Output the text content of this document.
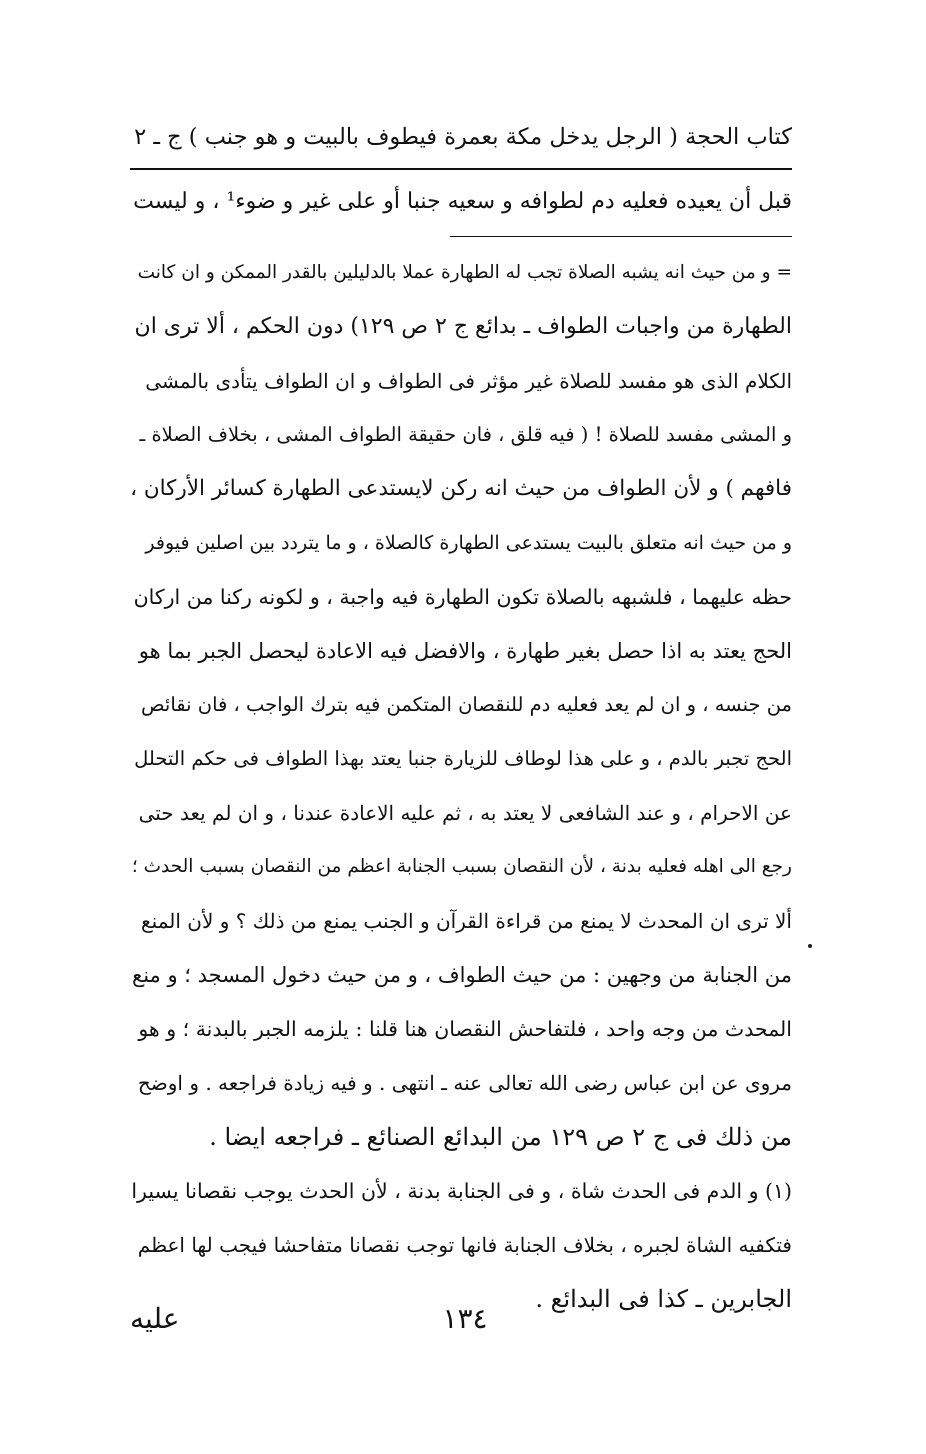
كتاب الحجة ( الرجل يدخل مكة بعمرة فيطوف بالبيت و هو جنب ) ج ـ ٢
قبل أن يعيده فعليه دم لطوافه و سعيه جنبا أو على غير و ضوء¹ ، و ليست
= و من حيث انه يشبه الصلاة تجب له الطهارة عملا بالدليلين بالقدر الممكن و ان كانت
الطهارة من واجبات الطواف ـ بدائع ج ٢ ص ١٢٩) دون الحكم ، ألا ترى ان
الكلام الذى هو مفسد للصلاة غير مؤثر فى الطواف و ان الطواف يتأدى بالمشى
و المشى مفسد للصلاة ! ( فيه قلق ، فان حقيقة الطواف المشى ، بخلاف الصلاة ـ
فافهم ) و لأن الطواف من حيث انه ركن لايستدعى الطهارة كسائر الأركان ،
و من حيث انه متعلق بالبيت يستدعى الطهارة كالصلاة ، و ما يتردد بين اصلين فيوفر
حظه عليهما ، فلشبهه بالصلاة تكون الطهارة فيه واجبة ، و لكونه ركنا من اركان
الحج يعتد به اذا حصل بغير طهارة ، والافضل فيه الاعادة ليحصل الجبر بما هو
من جنسه ، و ان لم يعد فعليه دم للنقصان المتكمن فيه بترك الواجب ، فان نقائص
الحج تجبر بالدم ، و على هذا لوطاف للزيارة جنبا يعتد بهذا الطواف فى حكم التحلل
عن الاحرام ، و عند الشافعى لا يعتد به ، ثم عليه الاعادة عندنا ، و ان لم يعد حتى
رجع الى اهله فعليه بدنة ، لأن النقصان بسبب الجنابة اعظم من النقصان بسبب الحدث ؛
ألا ترى ان المحدث لا يمنع من قراءة القرآن و الجنب يمنع من ذلك ؟ و لأن المنع
من الجنابة من وجهين : من حيث الطواف ، و من حيث دخول المسجد ؛ و منع
المحدث من وجه واحد ، فلتفاحش النقصان هنا قلنا : يلزمه الجبر بالبدنة ؛ و هو
مروى عن ابن عباس رضى الله تعالى عنه ـ انتهى . و فيه زيادة فراجعه . و اوضح
من ذلك فى ج ٢ ص ١٢٩ من البدائع الصنائع ـ فراجعه ايضا .
(١) و الدم فى الحدث شاة ، و فى الجنابة بدنة ، لأن الحدث يوجب نقصانا يسيرا
فتكفيه الشاة لجبره ، بخلاف الجنابة فانها توجب نقصانا متفاحشا فيجب لها اعظم
الجابرين ـ كذا فى البدائع .
١٣٤
عليه
